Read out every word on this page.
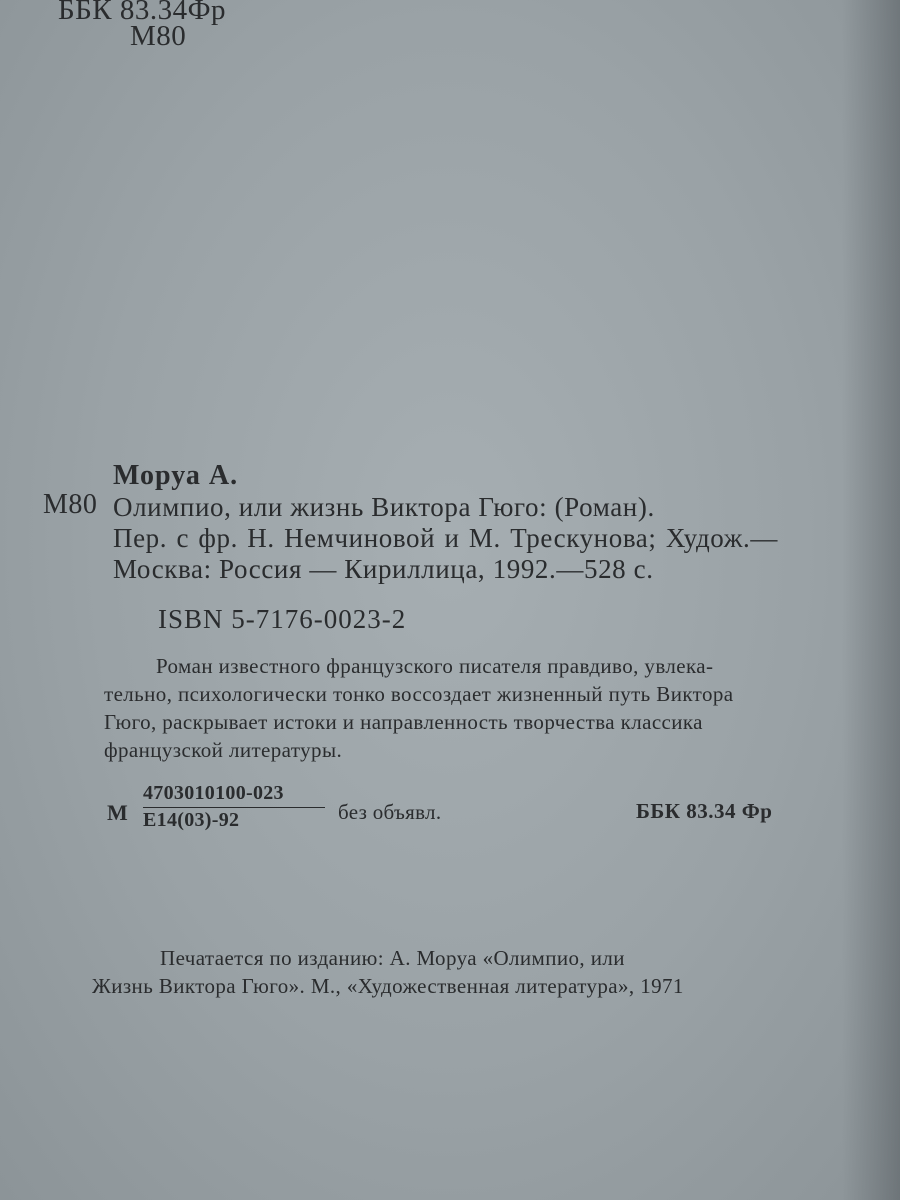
ББК 83.34Фр
М80
Моруа А.
М80 Олимпио, или жизнь Виктора Гюго: (Роман).
Пер. с фр. Н. Немчиновой и М. Трескунова; Худож.—
Москва: Россия — Кириллица, 1992.—528 с.
ISBN 5-7176-0023-2
Роман известного французского писателя правдиво, увлека-
тельно, психологически тонко воссоздает жизненный путь Виктора
Гюго, раскрывает истоки и направленность творчества классика
французской литературы.
М
4703010100-023
Е14(03)-92	без объявл.	ББК 83.34 Фр
Печатается по изданию: А. Моруа «Олимпио, или
Жизнь Виктора Гюго». М., «Художественная литература», 1971
